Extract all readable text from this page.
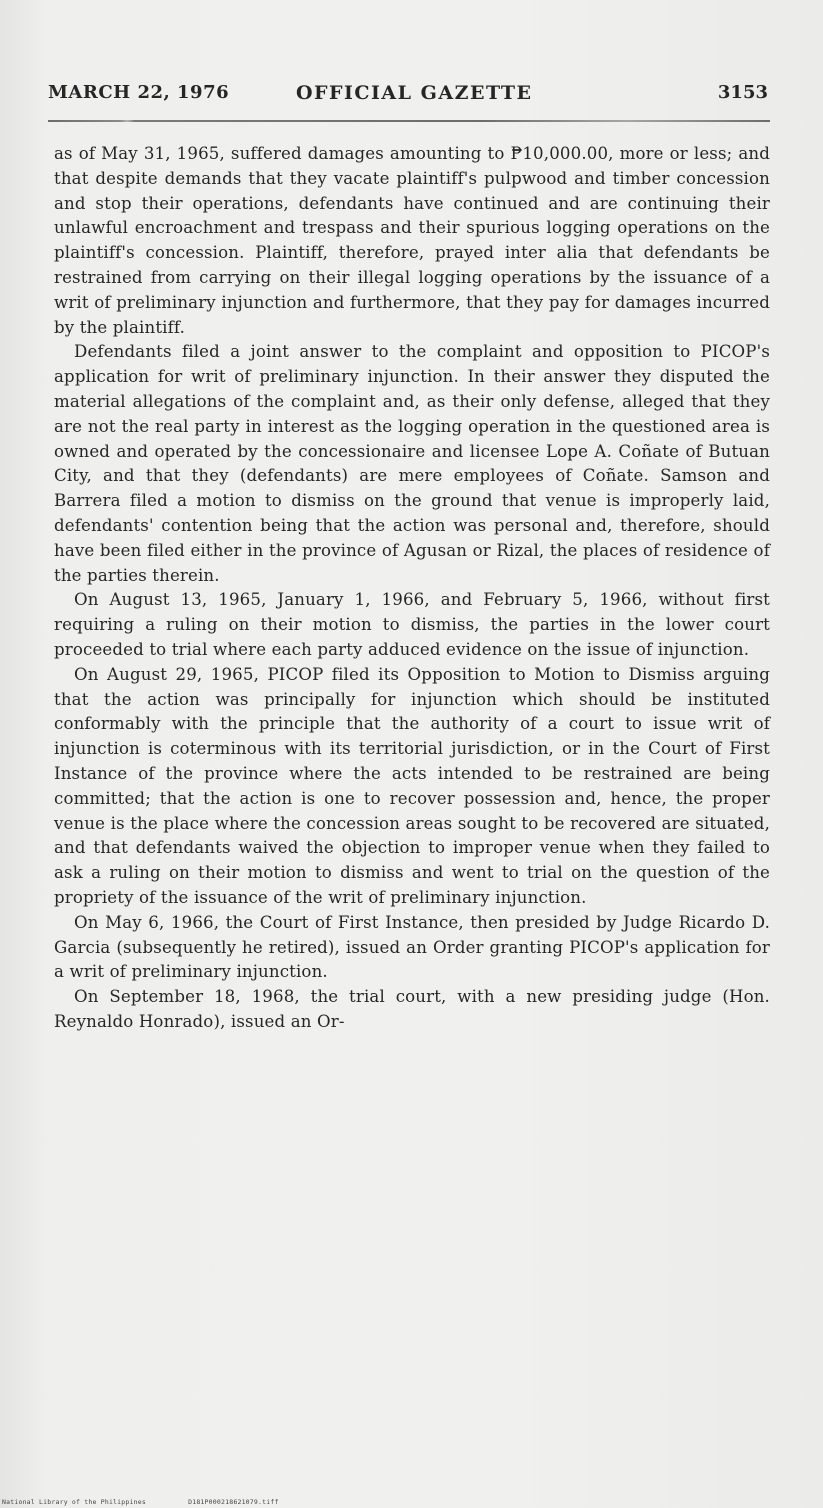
MARCH 22, 1976	OFFICIAL GAZETTE	3153

as of May 31, 1965, suffered damages amounting to ₱10,000.00, more or less; and that despite demands that they vacate plaintiff's pulpwood and timber concession and stop their operations, defendants have continued and are continuing their unlawful encroachment and trespass and their spurious logging operations on the plaintiff's concession. Plaintiff, therefore, prayed inter alia that defendants be restrained from carrying on their illegal logging operations by the issuance of a writ of preliminary injunction and furthermore, that they pay for damages incurred by the plaintiff.

Defendants filed a joint answer to the complaint and opposition to PICOP's application for writ of preliminary injunction. In their answer they disputed the material allegations of the complaint and, as their only defense, alleged that they are not the real party in interest as the logging operation in the questioned area is owned and operated by the concessionaire and licensee Lope A. Coñate of Butuan City, and that they (defendants) are mere employees of Coñate. Samson and Barrera filed a motion to dismiss on the ground that venue is improperly laid, defendants' contention being that the action was personal and, therefore, should have been filed either in the province of Agusan or Rizal, the places of residence of the parties therein.

On August 13, 1965, January 1, 1966, and February 5, 1966, without first requiring a ruling on their motion to dismiss, the parties in the lower court proceeded to trial where each party adduced evidence on the issue of injunction.

On August 29, 1965, PICOP filed its Opposition to Motion to Dismiss arguing that the action was principally for injunction which should be instituted conformably with the principle that the authority of a court to issue writ of injunction is coterminous with its territorial jurisdiction, or in the Court of First Instance of the province where the acts intended to be restrained are being committed; that the action is one to recover possession and, hence, the proper venue is the place where the concession areas sought to be recovered are situated, and that defendants waived the objection to improper venue when they failed to ask a ruling on their motion to dismiss and went to trial on the question of the propriety of the issuance of the writ of preliminary injunction.

On May 6, 1966, the Court of First Instance, then presided by Judge Ricardo D. Garcia (subsequently he retired), issued an Order granting PICOP's application for a writ of preliminary injunction.

On September 18, 1968, the trial court, with a new presiding judge (Hon. Reynaldo Honrado), issued an Or-

National Library of the Philippines	D181P000218621079.tiff
